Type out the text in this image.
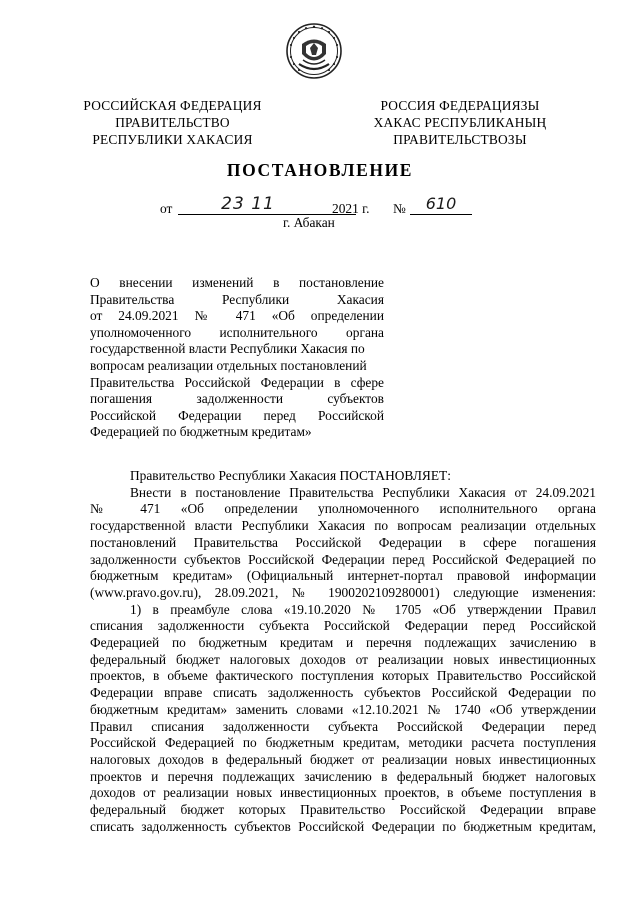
РОССИЙСКАЯ ФЕДЕРАЦИЯ
ПРАВИТЕЛЬСТВО
РЕСПУБЛИКИ ХАКАСИЯ
РОССИЯ ФЕДЕРАЦИЯЗЫ
ХАКАС РЕСПУБЛИКАНЫҢ
ПРАВИТЕЛЬСТВОЗЫ
ПОСТАНОВЛЕНИЕ
от	23 11	2021 г. №	610
г. Абакан
О внесении изменений в постановление
Правительства Республики Хакасия
от 24.09.2021 № 471 «Об определении
уполномоченного исполнительного органа
государственной власти Республики Хакасия по
вопросам реализации отдельных постановлений
Правительства Российской Федерации в сфере
погашения задолженности субъектов
Российской Федерации перед Российской
Федерацией по бюджетным кредитам»
Правительство Республики Хакасия ПОСТАНОВЛЯЕТ:
Внести в постановление Правительства Республики Хакасия от 24.09.2021
№ 471 «Об определении уполномоченного исполнительного органа
государственной власти Республики Хакасия по вопросам реализации отдельных
постановлений Правительства Российской Федерации в сфере погашения
задолженности субъектов Российской Федерации перед Российской Федерацией по
бюджетным кредитам» (Официальный интернет-портал правовой информации
(www.pravo.gov.ru), 28.09.2021, № 1900202109280001) следующие изменения:
1) в преамбуле слова «19.10.2020 № 1705 «Об утверждении Правил
списания задолженности субъекта Российской Федерации перед Российской
Федерацией по бюджетным кредитам и перечня подлежащих зачислению в
федеральный бюджет налоговых доходов от реализации новых инвестиционных
проектов, в объеме фактического поступления которых Правительство Российской
Федерации вправе списать задолженность субъектов Российской Федерации по
бюджетным кредитам» заменить словами «12.10.2021 № 1740 «Об утверждении
Правил списания задолженности субъекта Российской Федерации перед
Российской Федерацией по бюджетным кредитам, методики расчета поступления
налоговых доходов в федеральный бюджет от реализации новых инвестиционных
проектов и перечня подлежащих зачислению в федеральный бюджет налоговых
доходов от реализации новых инвестиционных проектов, в объеме поступления в
федеральный бюджет которых Правительство Российской Федерации вправе
списать задолженность субъектов Российской Федерации по бюджетным кредитам,
